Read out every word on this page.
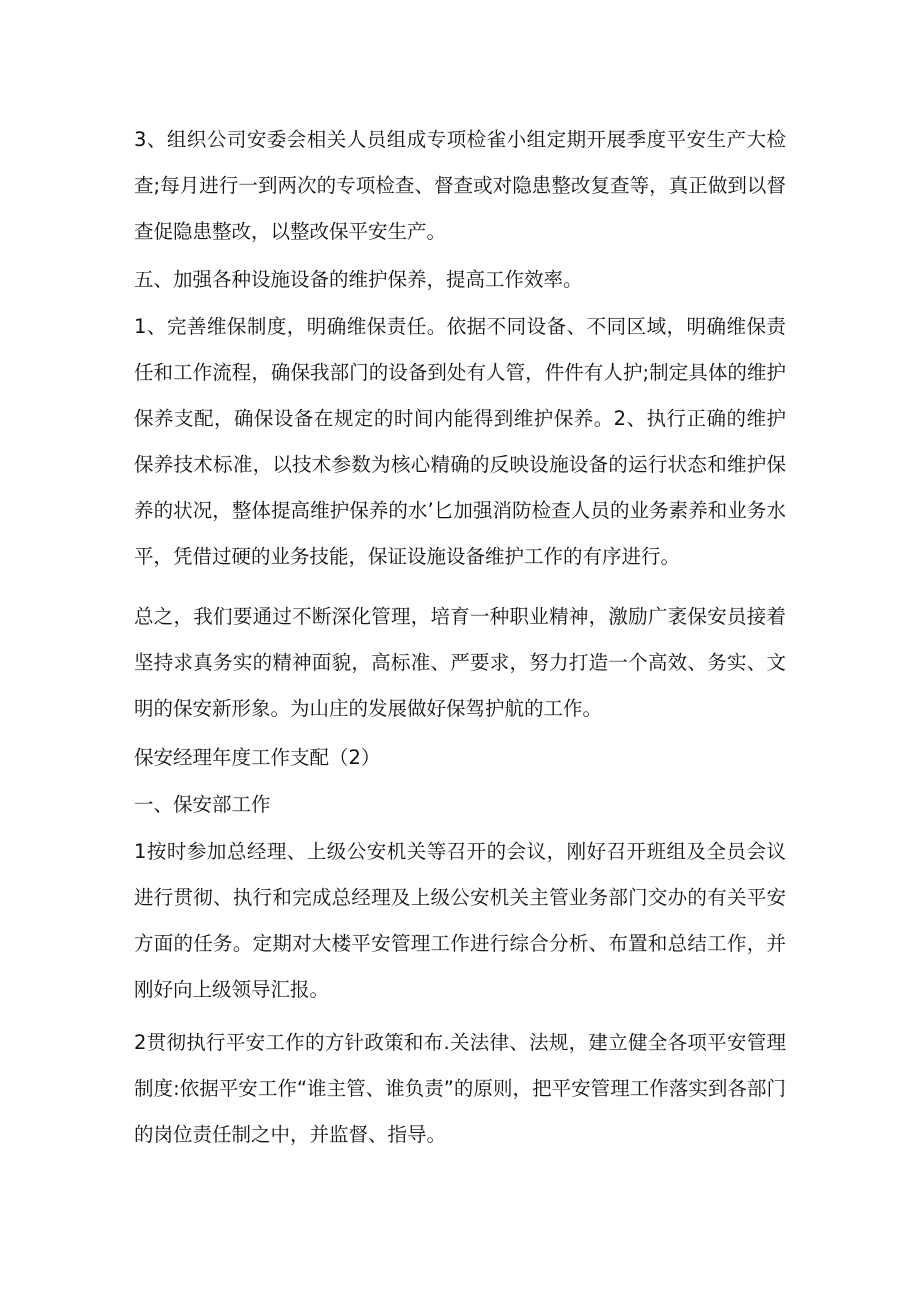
3、组织公司安委会相关人员组成专项检雀小组定期开展季度平安生产大检查;每月进行一到两次的专项检查、督查或对隐患整改复查等，真正做到以督查促隐患整改，以整改保平安生产。

五、加强各种设施设备的维护保养，提高工作效率。

1、完善维保制度，明确维保责任。依据不同设备、不同区域，明确维保责任和工作流程，确保我部门的设备到处有人管，件件有人护;制定具体的维护保养支配，确保设备在规定的时间内能得到维护保养。2、执行正确的维护保养技术标准，以技术参数为核心精确的反映设施设备的运行状态和维护保养的状况，整体提高维护保养的水’匕加强消防检查人员的业务素养和业务水平，凭借过硬的业务技能，保证设施设备维护工作的有序进行。

总之，我们要通过不断深化管理，培育一种职业精神，激励广袤保安员接着坚持求真务实的精神面貌，高标准、严要求，努力打造一个高效、务实、文明的保安新形象。为山庄的发展做好保驾护航的工作。

保安经理年度工作支配（2）

一、保安部工作

1按时参加总经理、上级公安机关等召开的会议，刚好召开班组及全员会议进行贯彻、执行和完成总经理及上级公安机关主管业务部门交办的有关平安方面的任务。定期对大楼平安管理工作进行综合分析、布置和总结工作，并刚好向上级领导汇报。

2贯彻执行平安工作的方针政策和布.关法律、法规，建立健全各项平安管理制度:依据平安工作“谁主管、谁负责”的原则，把平安管理工作落实到各部门的岗位责任制之中，并监督、指导。
